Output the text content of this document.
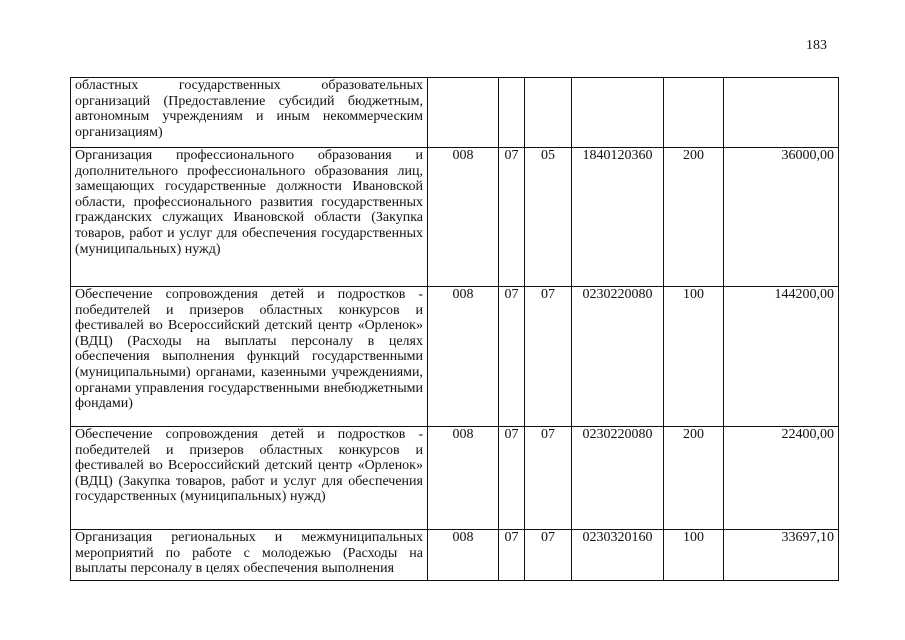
183
областных государственных образовательных организаций (Предоставление субсидий бюджетным, автономным учреждениям и иным некоммерческим организациям)						
Организация профессионального образования и дополнительного профессионального образования лиц, замещающих государственные должности Ивановской области, профессионального развития государственных гражданских служащих Ивановской области (Закупка товаров, работ и услуг для обеспечения государственных (муниципальных) нужд)	008	07	05	1840120360	200	36000,00
Обеспечение сопровождения детей и подростков - победителей и призеров областных конкурсов и фестивалей во Всероссийский детский центр «Орленок» (ВДЦ) (Расходы на выплаты персоналу в целях обеспечения выполнения функций государственными (муниципальными) органами, казенными учреждениями, органами управления государственными внебюджетными фондами)	008	07	07	0230220080	100	144200,00
Обеспечение сопровождения детей и подростков - победителей и призеров областных конкурсов и фестивалей во Всероссийский детский центр «Орленок» (ВДЦ) (Закупка товаров, работ и услуг для обеспечения государственных (муниципальных) нужд)	008	07	07	0230220080	200	22400,00
Организация региональных и межмуниципальных мероприятий по работе с молодежью (Расходы на выплаты персоналу в целях обеспечения выполнения	008	07	07	0230320160	100	33697,10
